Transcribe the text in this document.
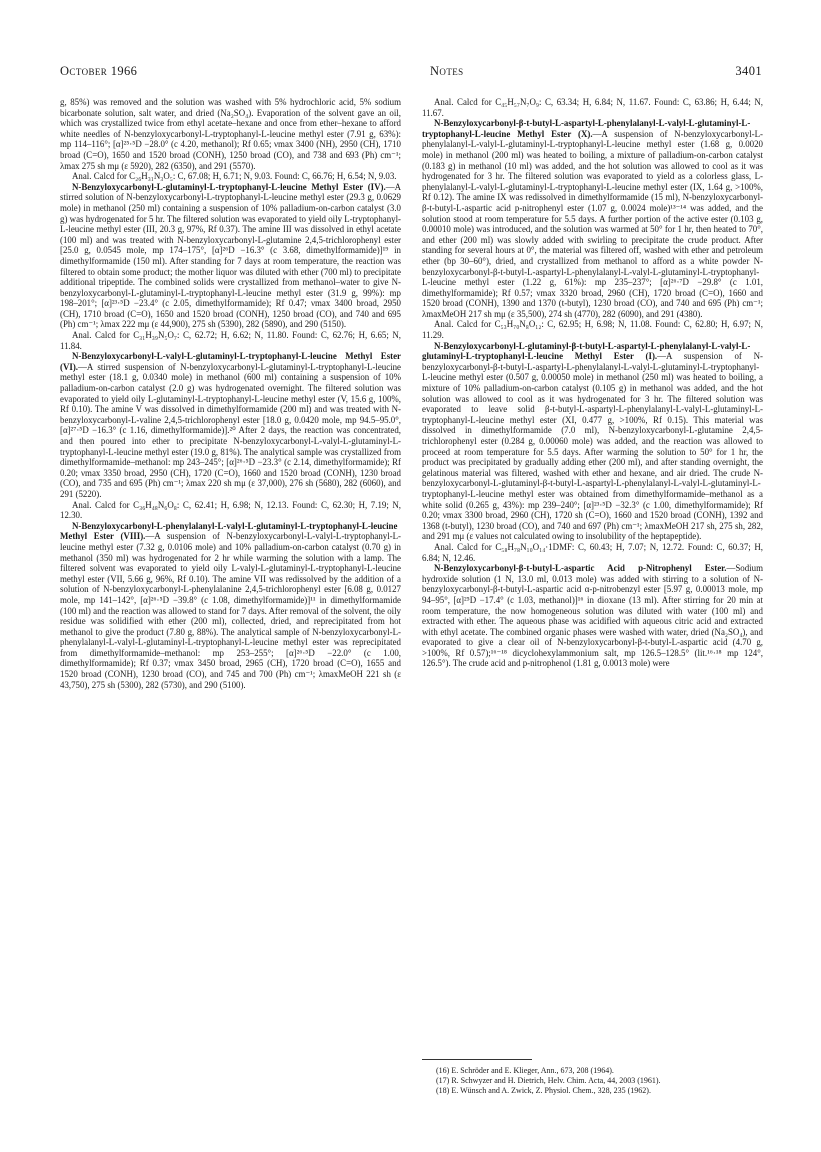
October 1966	Notes	3401

g, 85%) was removed and the solution was washed with 5% hydrochloric acid, 5% sodium bicarbonate solution, salt water, and dried (Na₂SO₄). Evaporation of the solvent gave an oil, which was crystallized twice from ethyl acetate–hexane and once from ether–hexane to afford white needles of N-benzyloxycarbonyl-L-tryptophanyl-L-leucine methyl ester (7.91 g, 63%): mp 114–116°; [α]²⁵·⁵D −28.0° (c 4.20, methanol); Rf 0.65; νmax 3400 (NH), 2950 (CH), 1710 broad (C=O), 1650 and 1520 broad (CONH), 1250 broad (CO), and 738 and 693 (Ph) cm⁻¹; λmax 275 sh mμ (ε 5920), 282 (6350), and 291 (5570).

Anal. Calcd for C₂₆H₃₁N₃O₅: C, 67.08; H, 6.71; N, 9.03. Found: C, 66.76; H, 6.54; N, 9.03.

N-Benzyloxycarbonyl-L-glutaminyl-L-tryptophanyl-L-leucine Methyl Ester (IV).—A stirred solution of N-benzyloxycarbonyl-L-tryptophanyl-L-leucine methyl ester (29.3 g, 0.0629 mole) in methanol (250 ml) containing a suspension of 10% palladium-on-carbon catalyst (3.0 g) was hydrogenated for 5 hr. The filtered solution was evaporated to yield oily L-tryptophanyl-L-leucine methyl ester (III, 20.3 g, 97%, Rf 0.37). The amine III was dissolved in ethyl acetate (100 ml) and was treated with N-benzyloxycarbonyl-L-glutamine 2,4,5-trichlorophenyl ester [25.0 g, 0.0545 mole, mp 174–175°, [α]²⁶D −16.3° (c 3.68, dimethylformamide)]¹⁹ in dimethylformamide (150 ml). After standing for 7 days at room temperature, the reaction was filtered to obtain some product; the mother liquor was diluted with ether (700 ml) to precipitate additional tripeptide. The combined solids were crystallized from methanol–water to give N-benzyloxycarbonyl-L-glutaminyl-L-tryptophanyl-L-leucine methyl ester (31.9 g, 99%): mp 198–201°; [α]²³·⁵D −23.4° (c 2.05, dimethylformamide); Rf 0.47; νmax 3400 broad, 2950 (CH), 1710 broad (C=O), 1650 and 1520 broad (CONH), 1250 broad (CO), and 740 and 695 (Ph) cm⁻¹; λmax 222 mμ (ε 44,900), 275 sh (5390), 282 (5890), and 290 (5150).

Anal. Calcd for C₃₁H₃₉N₅O₇: C, 62.72; H, 6.62; N, 11.80. Found: C, 62.76; H, 6.65; N, 11.84.

N-Benzyloxycarbonyl-L-valyl-L-glutaminyl-L-tryptophanyl-L-leucine Methyl Ester (VI).—A stirred suspension of N-benzyloxycarbonyl-L-glutaminyl-L-tryptophanyl-L-leucine methyl ester (18.1 g, 0.0340 mole) in methanol (600 ml) containing a suspension of 10% palladium-on-carbon catalyst (2.0 g) was hydrogenated overnight. The filtered solution was evaporated to yield oily L-glutaminyl-L-tryptophanyl-L-leucine methyl ester (V, 15.6 g, 100%, Rf 0.10). The amine V was dissolved in dimethylformamide (200 ml) and was treated with N-benzyloxycarbonyl-L-valine 2,4,5-trichlorophenyl ester [18.0 g, 0.0420 mole, mp 94.5–95.0°, [α]²⁷·⁵D −16.3° (c 1.16, dimethylformamide)].²⁰ After 2 days, the reaction was concentrated, and then poured into ether to precipitate N-benzyloxycarbonyl-L-valyl-L-glutaminyl-L-tryptophanyl-L-leucine methyl ester (19.0 g, 81%). The analytical sample was crystallized from dimethylformamide–methanol: mp 243–245°; [α]²⁶·⁵D −23.3° (c 2.14, dimethylformamide); Rf 0.20; νmax 3350 broad, 2950 (CH), 1720 (C=O), 1660 and 1520 broad (CONH), 1230 broad (CO), and 735 and 695 (Ph) cm⁻¹; λmax 220 sh mμ (ε 37,000), 276 sh (5680), 282 (6060), and 291 (5220).

Anal. Calcd for C₃₆H₄₈N₆O₈: C, 62.41; H, 6.98; N, 12.13. Found: C, 62.30; H, 7.19; N, 12.30.

N-Benzyloxycarbonyl-L-phenylalanyl-L-valyl-L-glutaminyl-L-tryptophanyl-L-leucine Methyl Ester (VIII).—A suspension of N-benzyloxycarbonyl-L-valyl-L-tryptophanyl-L-leucine methyl ester (7.32 g, 0.0106 mole) and 10% palladium-on-carbon catalyst (0.70 g) in methanol (350 ml) was hydrogenated for 2 hr while warming the solution with a lamp. The filtered solvent was evaporated to yield oily L-valyl-L-glutaminyl-L-tryptophanyl-L-leucine methyl ester (VII, 5.66 g, 96%, Rf 0.10). The amine VII was redissolved by the addition of a solution of N-benzyloxycarbonyl-L-phenylalanine 2,4,5-trichlorophenyl ester [6.08 g, 0.0127 mole, mp 141–142°, [α]²⁶·⁵D −39.8° (c 1.08, dimethylformamide)]¹¹ in dimethylformamide (100 ml) and the reaction was allowed to stand for 7 days. After removal of the solvent, the oily residue was solidified with ether (200 ml), collected, dried, and reprecipitated from hot methanol to give the product (7.80 g, 88%). The analytical sample of N-benzyloxycarbonyl-L-phenylalanyl-L-valyl-L-glutaminyl-L-tryptophanyl-L-leucine methyl ester was reprecipitated from dimethylformamide–methanol: mp 253–255°; [α]²⁶·⁵D −22.0° (c 1.00, dimethylformamide); Rf 0.37; νmax 3450 broad, 2965 (CH), 1720 broad (C=O), 1655 and 1520 broad (CONH), 1230 broad (CO), and 745 and 700 (Ph) cm⁻¹; λmaxMeOH 221 sh (ε 43,750), 275 sh (5300), 282 (5730), and 290 (5100).

Anal. Calcd for C₄₅H₅₇N₇O₉: C, 63.34; H, 6.84; N, 11.67. Found: C, 63.86; H, 6.44; N, 11.67.

N-Benzyloxycarbonyl-β-t-butyl-L-aspartyl-L-phenylalanyl-L-valyl-L-glutaminyl-L-tryptophanyl-L-leucine Methyl Ester (X).—A suspension of N-benzyloxycarbonyl-L-phenylalanyl-L-valyl-L-glutaminyl-L-tryptophanyl-L-leucine methyl ester (1.68 g, 0.0020 mole) in methanol (200 ml) was heated to boiling, a mixture of palladium-on-carbon catalyst (0.183 g) in methanol (10 ml) was added, and the hot solution was allowed to cool as it was hydrogenated for 3 hr. The filtered solution was evaporated to yield as a colorless glass, L-phenylalanyl-L-valyl-L-glutaminyl-L-tryptophanyl-L-leucine methyl ester (IX, 1.64 g, >100%, Rf 0.12). The amine IX was redissolved in dimethylformamide (15 ml), N-benzyloxycarbonyl-β-t-butyl-L-aspartic acid p-nitrophenyl ester (1.07 g, 0.0024 mole)¹³⁻¹⁴ was added, and the solution stood at room temperature for 5.5 days. A further portion of the active ester (0.103 g, 0.00010 mole) was introduced, and the solution was warmed at 50° for 1 hr, then heated to 70°, and ether (200 ml) was slowly added with swirling to precipitate the crude product. After standing for several hours at 0°, the material was filtered off, washed with ether and petroleum ether (bp 30–60°), dried, and crystallized from methanol to afford as a white powder N-benzyloxycarbonyl-β-t-butyl-L-aspartyl-L-phenylalanyl-L-valyl-L-glutaminyl-L-tryptophanyl-L-leucine methyl ester (1.22 g, 61%): mp 235–237°; [α]²⁶·⁷D −29.8° (c 1.01, dimethylformamide); Rf 0.57; νmax 3320 broad, 2960 (CH), 1720 broad (C=O), 1660 and 1520 broad (CONH), 1390 and 1370 (t-butyl), 1230 broad (CO), and 740 and 695 (Ph) cm⁻¹; λmaxMeOH 217 sh mμ (ε 35,500), 274 sh (4770), 282 (6090), and 291 (4380).

Anal. Calcd for C₅₃H₇₀N₈O₁₂: C, 62.95; H, 6.98; N, 11.08. Found: C, 62.80; H, 6.97; N, 11.29.

N-Benzyloxycarbonyl-L-glutaminyl-β-t-butyl-L-aspartyl-L-phenylalanyl-L-valyl-L-glutaminyl-L-tryptophanyl-L-leucine Methyl Ester (I).—A suspension of N-benzyloxycarbonyl-β-t-butyl-L-aspartyl-L-phenylalanyl-L-valyl-L-glutaminyl-L-tryptophanyl-L-leucine methyl ester (0.507 g, 0.00050 mole) in methanol (250 ml) was heated to boiling, a mixture of 10% palladium-on-carbon catalyst (0.105 g) in methanol was added, and the hot solution was allowed to cool as it was hydrogenated for 3 hr. The filtered solution was evaporated to leave solid β-t-butyl-L-aspartyl-L-phenylalanyl-L-valyl-L-glutaminyl-L-tryptophanyl-L-leucine methyl ester (XI, 0.477 g, >100%, Rf 0.15). This material was dissolved in dimethylformamide (7.0 ml), N-benzyloxycarbonyl-L-glutamine 2,4,5-trichlorophenyl ester (0.284 g, 0.00060 mole) was added, and the reaction was allowed to proceed at room temperature for 5.5 days. After warming the solution to 50° for 1 hr, the product was precipitated by gradually adding ether (200 ml), and after standing overnight, the gelatinous material was filtered, washed with ether and hexane, and air dried. The crude N-benzyloxycarbonyl-L-glutaminyl-β-t-butyl-L-aspartyl-L-phenylalanyl-L-valyl-L-glutaminyl-L-tryptophanyl-L-leucine methyl ester was obtained from dimethylformamide–methanol as a white solid (0.265 g, 43%): mp 239–240°; [α]²³·⁵D −32.3° (c 1.00, dimethylformamide); Rf 0.20; νmax 3300 broad, 2960 (CH), 1720 sh (C=O), 1660 and 1520 broad (CONH), 1392 and 1368 (t-butyl), 1230 broad (CO), and 740 and 697 (Ph) cm⁻¹; λmaxMeOH 217 sh, 275 sh, 282, and 291 mμ (ε values not calculated owing to insolubility of the heptapeptide).

Anal. Calcd for C₅₈H₇₈N₁₀O₁₄·1DMF: C, 60.43; H, 7.07; N, 12.72. Found: C, 60.37; H, 6.84; N, 12.46.

N-Benzyloxycarbonyl-β-t-butyl-L-aspartic Acid p-Nitrophenyl Ester.—Sodium hydroxide solution (1 N, 13.0 ml, 0.013 mole) was added with stirring to a solution of N-benzyloxycarbonyl-β-t-butyl-L-aspartic acid α-p-nitrobenzyl ester [5.97 g, 0.00013 mole, mp 94–95°, [α]²⁵D −17.4° (c 1.03, methanol)]¹⁶ in dioxane (13 ml). After stirring for 20 min at room temperature, the now homogeneous solution was diluted with water (100 ml) and extracted with ether. The aqueous phase was acidified with aqueous citric acid and extracted with ethyl acetate. The combined organic phases were washed with water, dried (Na₂SO₄), and evaporated to give a clear oil of N-benzyloxycarbonyl-β-t-butyl-L-aspartic acid (4.70 g, >100%, Rf 0.57);¹⁶⁻¹⁸ dicyclohexylammonium salt, mp 126.5–128.5° (lit.¹⁶·¹⁸ mp 124°, 126.5°). The crude acid and p-nitrophenol (1.81 g, 0.0013 mole) were

(16) E. Schröder and E. Klieger, Ann., 673, 208 (1964).
(17) R. Schwyzer and H. Dietrich, Helv. Chim. Acta, 44, 2003 (1961).
(18) E. Wünsch and A. Zwick, Z. Physiol. Chem., 328, 235 (1962).
